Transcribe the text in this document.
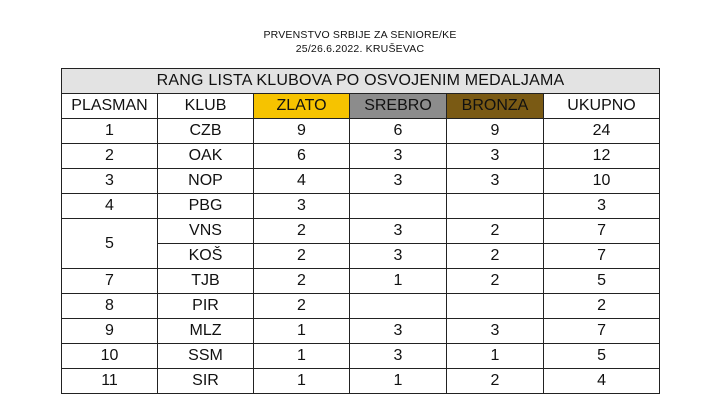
PRVENSTVO SRBIJE ZA SENIORE/KE
25/26.6.2022. KRUŠEVAC
RANG LISTA KLUBOVA PO OSVOJENIM MEDALJAMA					
PLASMAN	KLUB	ZLATO	SREBRO	BRONZA	UKUPNO
1	CZB	9	6	9	24
2	OAK	6	3	3	12
3	NOP	4	3	3	10
4	PBG	3			3
5	VNS	2	3	2	7
	KOŠ	2	3	2	7
7	TJB	2	1	2	5
8	PIR	2			2
9	MLZ	1	3	3	7
10	SSM	1	3	1	5
11	SIR	1	1	2	4
